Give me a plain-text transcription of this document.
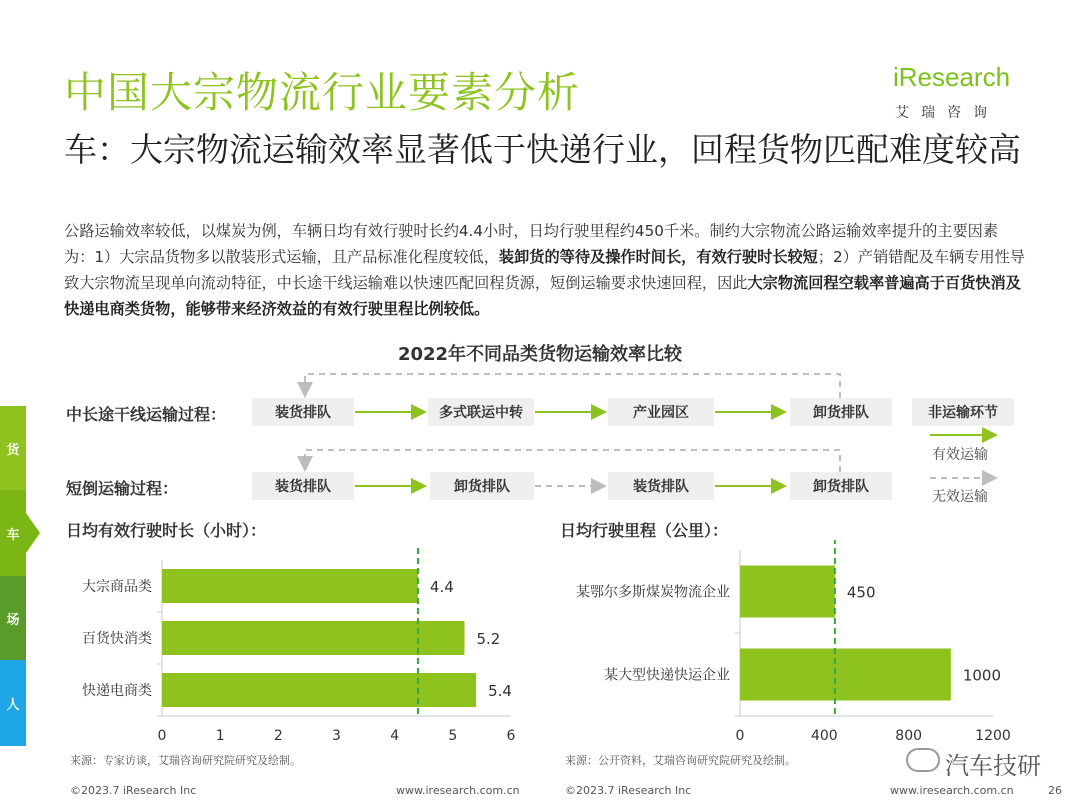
中国大宗物流行业要素分析
车：大宗物流运输效率显著低于快递行业，回程货物匹配难度较高
iResearch
艾瑞咨询
公路运输效率较低，以煤炭为例，车辆日均有效行驶时长约4.4小时，日均行驶里程约450千米。制约大宗物流公路运输效率提升的主要因素为：1）大宗品货物多以散装形式运输，且产品标准化程度较低，装卸货的等待及操作时间长，有效行驶时长较短；2）产销错配及车辆专用性导致大宗物流呈现单向流动特征，中长途干线运输难以快速匹配回程货源，短倒运输要求快速回程，因此大宗物流回程空载率普遍高于百货快消及快递电商类货物，能够带来经济效益的有效行驶里程比例较低。
2022年不同品类货物运输效率比较
中长途干线运输过程：	装货排队	多式联运中转	产业园区	卸货排队
短倒运输过程：	装货排队	卸货排队	装货排队	卸货排队
非运输环节
有效运输
无效运输
货
车
场
人
日均有效行驶时长（小时）：	日均行驶里程（公里）：
大宗商品类	4.4
百货快消类	5.2
快递电商类	5.4
0	1	2	3	4	5	6
某鄂尔多斯煤炭物流企业	450
某大型快递快运企业	1000
0	400	800	1200
来源：专家访谈，艾瑞咨询研究院研究及绘制。	来源：公开资料，艾瑞咨询研究院研究及绘制。	汽车技研
©2023.7 iResearch Inc	www.iresearch.com.cn	©2023.7 iResearch Inc	www.iresearch.com.cn	26
